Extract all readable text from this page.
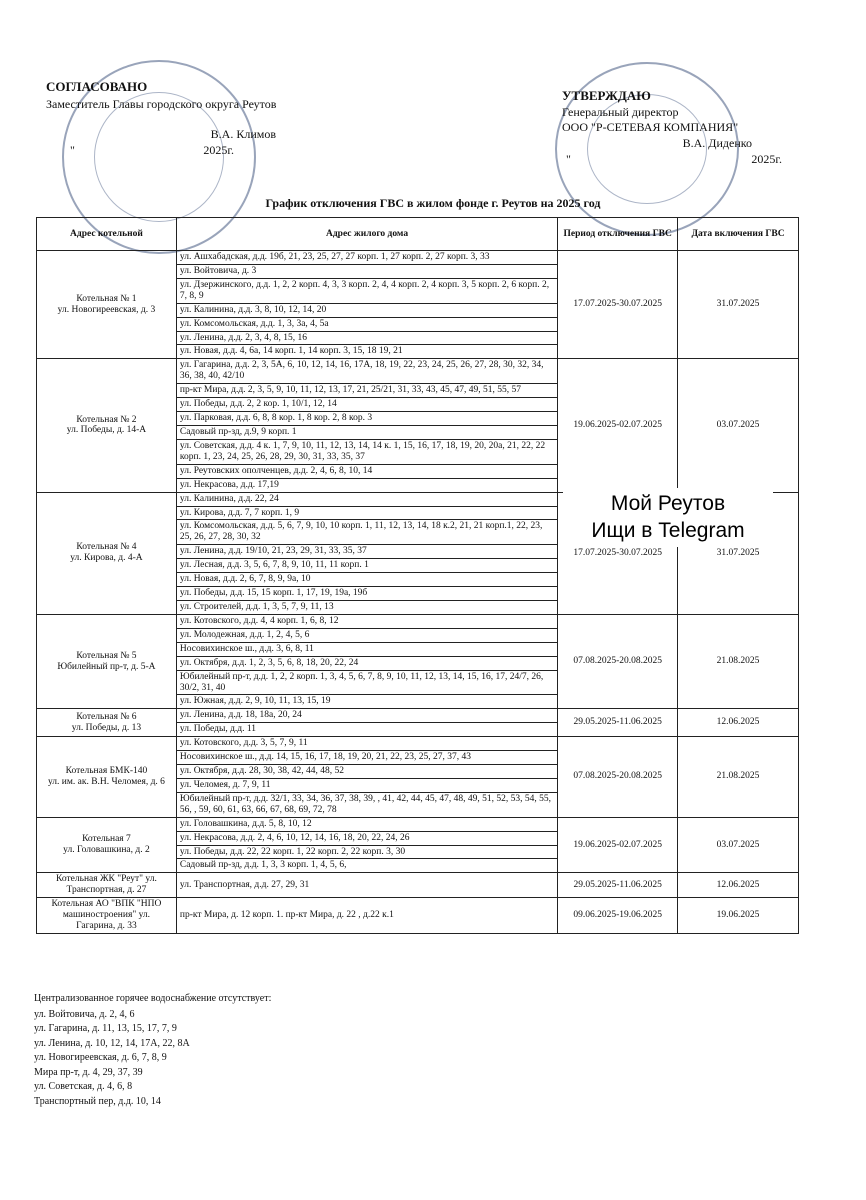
СОГЛАСОВАНО
Заместитель Главы городского округа Реутов
В.А. Климов
"	2025г.
УТВЕРЖДАЮ
Генеральный директор
ООО "Р-СЕТЕВАЯ КОМПАНИЯ"
В.А. Диденко
"	2025г.
График отключения ГВС в жилом фонде г. Реутов на 2025 год
Адрес котельной	Адрес жилого дома	Период отключения ГВС	Дата включения ГВС

Котельная № 1
ул. Новогиреевская, д. 3	ул. Ашхабадская, д.д. 19б, 21, 23, 25, 27, 27 корп. 1, 27 корп. 2, 27 корп. 3, 33	17.07.2025-30.07.2025	31.07.2025
	ул. Войтовича, д. 3		
	ул. Дзержинского, д.д. 1, 2, 2 корп. 4, 3, 3 корп. 2, 4, 4 корп. 2, 4 корп. 3, 5 корп. 2, 6 корп. 2, 7, 8, 9		
	ул. Калинина, д.д. 3, 8, 10, 12, 14, 20		
	ул. Комсомольская, д.д. 1, 3, 3а, 4, 5а		
	ул. Ленина, д.д. 2, 3, 4, 8, 15, 16		
	ул. Новая, д.д. 4, 6а, 14 корп. 1, 14 корп. 3, 15, 18 19, 21		

Котельная № 2
ул. Победы, д. 14-А	ул. Гагарина, д.д. 2, 3, 5А, 6, 10, 12, 14, 16, 17А, 18, 19, 22, 23, 24, 25, 26, 27, 28, 30, 32, 34, 36, 38, 40, 42/10	19.06.2025-02.07.2025	03.07.2025
	пр-кт Мира, д.д. 2, 3, 5, 9, 10, 11, 12, 13, 17, 21, 25/21, 31, 33, 43, 45, 47, 49, 51, 55, 57		
	ул. Победы, д.д. 2, 2 кор. 1, 10/1, 12, 14		
	ул. Парковая, д.д. 6, 8, 8 кор. 1, 8 кор. 2, 8 кор. 3		
	Садовый пр-зд, д.9, 9 корп. 1		
	ул. Советская, д.д. 4 к. 1, 7, 9, 10, 11, 12, 13, 14, 14 к. 1, 15, 16, 17, 18, 19, 20, 20а, 21, 22, 22 корп. 1, 23, 24, 25, 26, 28, 29, 30, 31, 33, 35, 37		
	ул. Реутовских ополченцев, д.д. 2, 4, 6, 8, 10, 14		
	ул. Некрасова, д.д. 17,19		

Котельная № 4
ул. Кирова, д. 4-А	ул. Калинина, д.д. 22, 24	17.07.2025-30.07.2025	31.07.2025
	ул. Кирова, д.д. 7, 7 корп. 1, 9		
	ул. Комсомольская, д.д. 5, 6, 7, 9, 10, 10 корп. 1, 11, 12, 13, 14, 18 к.2, 21, 21 корп.1, 22, 23, 25, 26, 27, 28, 30, 32		
	ул. Ленина, д.д. 19/10, 21, 23, 29, 31, 33, 35, 37		
	ул. Лесная, д.д. 3, 5, 6, 7, 8, 9, 10, 11, 11 корп. 1		
	ул. Новая, д.д. 2, 6, 7, 8, 9, 9а, 10		
	ул. Победы, д.д. 15, 15 корп. 1, 17, 19, 19а, 19б		
	ул. Строителей, д.д. 1, 3, 5, 7, 9, 11, 13		

Котельная № 5
Юбилейный пр-т, д. 5-А	ул. Котовского, д.д. 4, 4 корп. 1, 6, 8, 12	07.08.2025-20.08.2025	21.08.2025
	ул. Молодежная, д.д. 1, 2, 4, 5, 6		
	Носовихинское ш., д.д. 3, 6, 8, 11		
	ул. Октября, д.д. 1, 2, 3, 5, 6, 8, 18, 20, 22, 24		
	Юбилейный пр-т, д.д. 1, 2, 2 корп. 1, 3, 4, 5, 6, 7, 8, 9, 10, 11, 12, 13, 14, 15, 16, 17, 24/7, 26, 30/2, 31, 40		
	ул. Южная, д.д. 2, 9, 10, 11, 13, 15, 19		

Котельная № 6
ул. Победы, д. 13	ул. Ленина, д.д. 18, 18а, 20, 24	29.05.2025-11.06.2025	12.06.2025
	ул. Победы, д.д. 11		

Котельная БМК-140
ул. им. ак. В.Н. Челомея, д. 6	ул. Котовского, д.д. 3, 5, 7, 9, 11	07.08.2025-20.08.2025	21.08.2025
	Носовихинское ш., д.д. 14, 15, 16, 17, 18, 19, 20, 21, 22, 23, 25, 27, 37, 43		
	ул. Октября, д.д. 28, 30, 38, 42, 44, 48, 52		
	ул. Челомея, д. 7, 9, 11		
	Юбилейный пр-т, д.д. 32/1, 33, 34, 36, 37, 38, 39, , 41, 42, 44, 45, 47, 48, 49, 51, 52, 53, 54, 55, 56, , 59, 60, 61, 63, 66, 67, 68, 69, 72, 78		

Котельная 7
ул. Головашкина, д. 2	ул. Головашкина, д.д. 5, 8, 10, 12	19.06.2025-02.07.2025	03.07.2025
	ул. Некрасова, д.д. 2, 4, 6, 10, 12, 14, 16, 18, 20, 22, 24, 26		
	ул. Победы, д.д. 22, 22 корп. 1, 22 корп. 2, 22 корп. 3, 30		
	Садовый пр-зд, д.д. 1, 3, 3 корп. 1, 4, 5, 6,		

Котельная ЖК "Реут" ул.
Транспортная, д. 27	ул. Транспортная, д.д. 27, 29, 31	29.05.2025-11.06.2025	12.06.2025

Котельная АО "ВПК "НПО машиностроения" ул.
Гагарина, д. 33	пр-кт Мира, д. 12 корп. 1. пр-кт Мира, д. 22 , д.22 к.1	09.06.2025-19.06.2025	19.06.2025
Мой Реутов
Ищи в Telegram
Централизованное горячее водоснабжение отсутствует:
ул. Войтовича, д. 2, 4, 6
ул. Гагарина, д. 11, 13, 15, 17, 7, 9
ул. Ленина, д. 10, 12, 14, 17А, 22, 8А
ул. Новогиреевская, д. 6, 7, 8, 9
Мира пр-т, д. 4, 29, 37, 39
ул. Советская, д. 4, 6, 8
Транспортный пер, д.д. 10, 14
